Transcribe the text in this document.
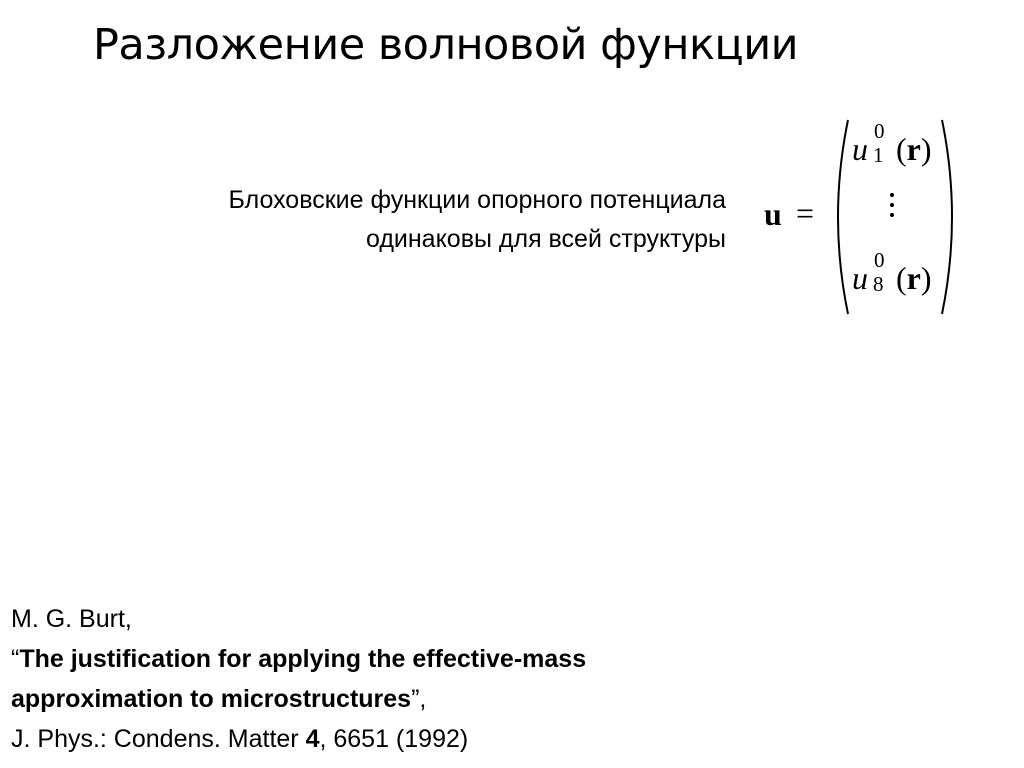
Разложение волновой функции
Блоховские функции опорного потенциала
одинаковы для всей структуры
u =
u 0
1 (r)
u 0
8 (r)
M. G. Burt,
“The justification for applying the effective-mass
approximation to microstructures”,
J. Phys.: Condens. Matter 4, 6651 (1992)
